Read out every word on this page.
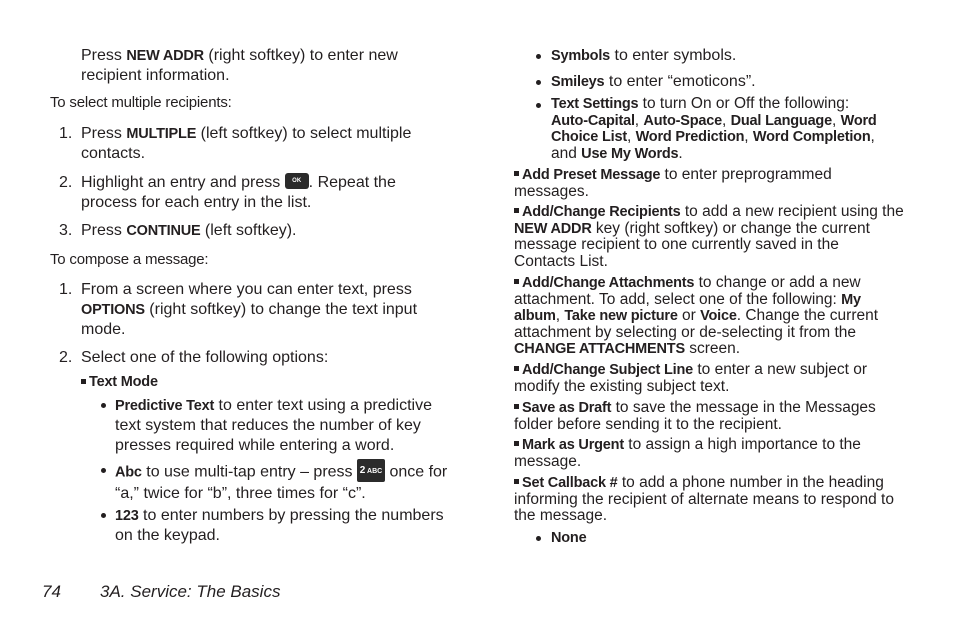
Press NEW ADDR (right softkey) to enter new recipient information.

To select multiple recipients:

1. Press MULTIPLE (left softkey) to select multiple contacts.

2. Highlight an entry and press OK . Repeat the process for each entry in the list.

3. Press CONTINUE (left softkey).

To compose a message:

1. From a screen where you can enter text, press OPTIONS (right softkey) to change the text input mode.

2. Select one of the following options:

Text Mode

Predictive Text to enter text using a predictive text system that reduces the number of key presses required while entering a word.

Abc to use multi-tap entry – press 2 ABC once for “a,” twice for “b”, three times for “c”.

123 to enter numbers by pressing the numbers on the keypad.

Symbols to enter symbols.

Smileys to enter “emoticons”.

Text Settings to turn On or Off the following:
Auto-Capital, Auto-Space, Dual Language, Word Choice List, Word Prediction, Word Completion, and Use My Words.

Add Preset Message to enter preprogrammed messages.

Add/Change Recipients to add a new recipient using the NEW ADDR key (right softkey) or change the current message recipient to one currently saved in the Contacts List.

Add/Change Attachments to change or add a new attachment. To add, select one of the following: My album, Take new picture or Voice. Change the current attachment by selecting or de-selecting it from the CHANGE ATTACHMENTS screen.

Add/Change Subject Line to enter a new subject or modify the existing subject text.

Save as Draft to save the message in the Messages folder before sending it to the recipient.

Mark as Urgent to assign a high importance to the message.

Set Callback # to add a phone number in the heading informing the recipient of alternate means to respond to the message.

None

74 3A. Service: The Basics
